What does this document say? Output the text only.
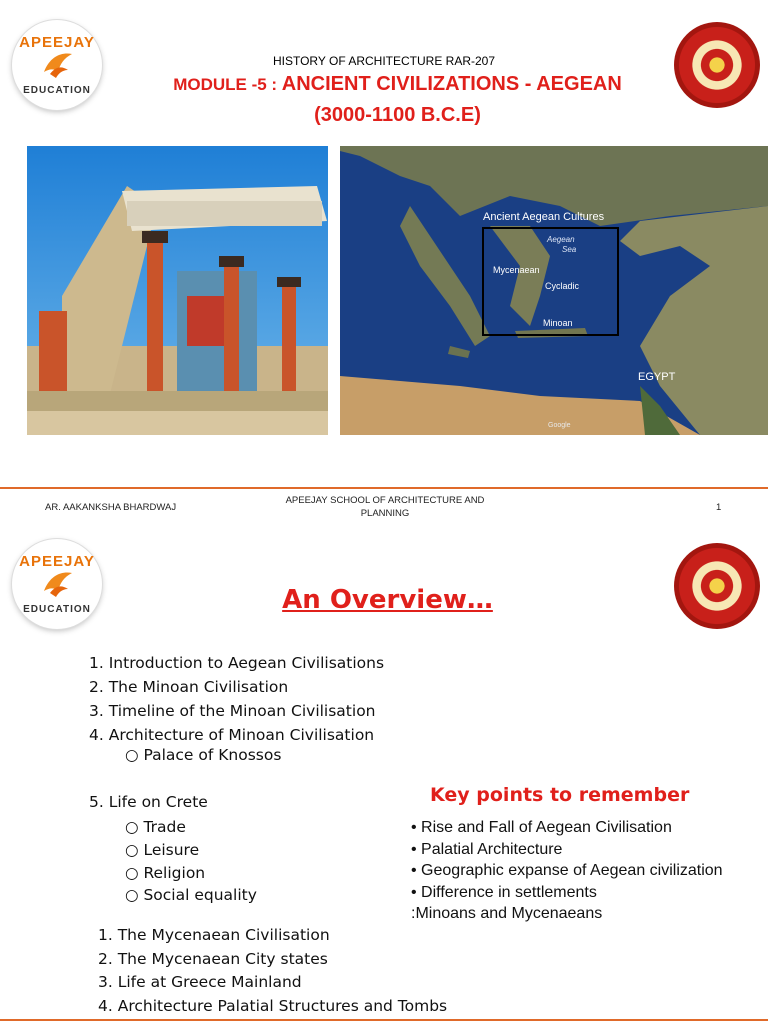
APEEJAY
EDUCATION
HISTORY OF ARCHITECTURE RAR-207
MODULE -5 : ANCIENT CIVILIZATIONS - AEGEAN
(3000-1100 B.C.E)
Ancient Aegean Cultures
Aegean
Sea
Mycenaean
Cycladic
Minoan
EGYPT
Google
AR. AAKANKSHA BHARDWAJ
APEEJAY SCHOOL OF ARCHITECTURE AND PLANNING
1
APEEJAY
EDUCATION	An Overview…
1. Introduction to Aegean Civilisations
2. The Minoan Civilisation
3. Timeline of the Minoan Civilisation
4. Architecture of Minoan Civilisation
○ Palace of Knossos
5. Life on Crete
○ Trade
○ Leisure
○ Religion
○ Social equality
1. The Mycenaean Civilisation
2. The Mycenaean City states
3. Life at Greece Mainland
4. Architecture Palatial Structures and Tombs
Key points to remember
• Rise and Fall of Aegean Civilisation
• Palatial Architecture
• Geographic expanse of Aegean civilization
• Difference in settlements
:Minoans and Mycenaeans
